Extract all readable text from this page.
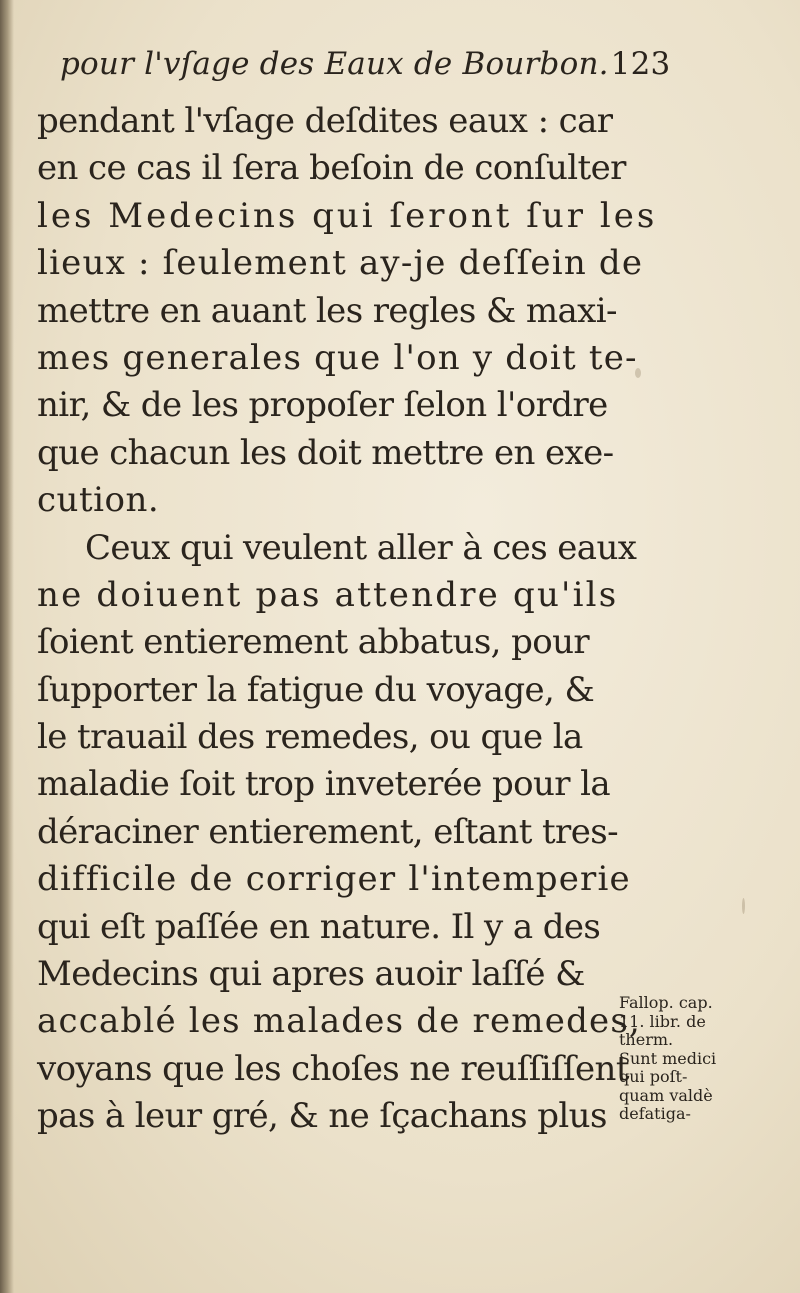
pour l'vſage des Eaux de Bourbon.123
pendant l'vſage deſdites eaux : car
en ce cas il ſera beſoin de conſulter
les Medecins qui ſeront ſur les
lieux : ſeulement ay-je deſſein de
mettre en auant les regles & maxi-
mes generales que l'on y doit te-
nir, & de les propoſer ſelon l'ordre
que chacun les doit mettre en exe-
cution.
Ceux qui veulent aller à ces eaux
ne doiuent pas attendre qu'ils
ſoient entierement abbatus, pour
ſupporter la fatigue du voyage, &
le trauail des remedes, ou que la
maladie ſoit trop inveterée pour la
déraciner entierement, eſtant tres-
difficile de corriger l'intemperie
qui eſt paſſée en nature. Il y a des
Medecins qui apres auoir laſſé &
accablé les malades de remedes,
voyans que les choſes ne reuſſiſſent
pas à leur gré, & ne ſçachans plus
Fallop. cap.
11. libr. de
therm.
Sunt medici
qui poſt-
quam valdè
defatiga-
